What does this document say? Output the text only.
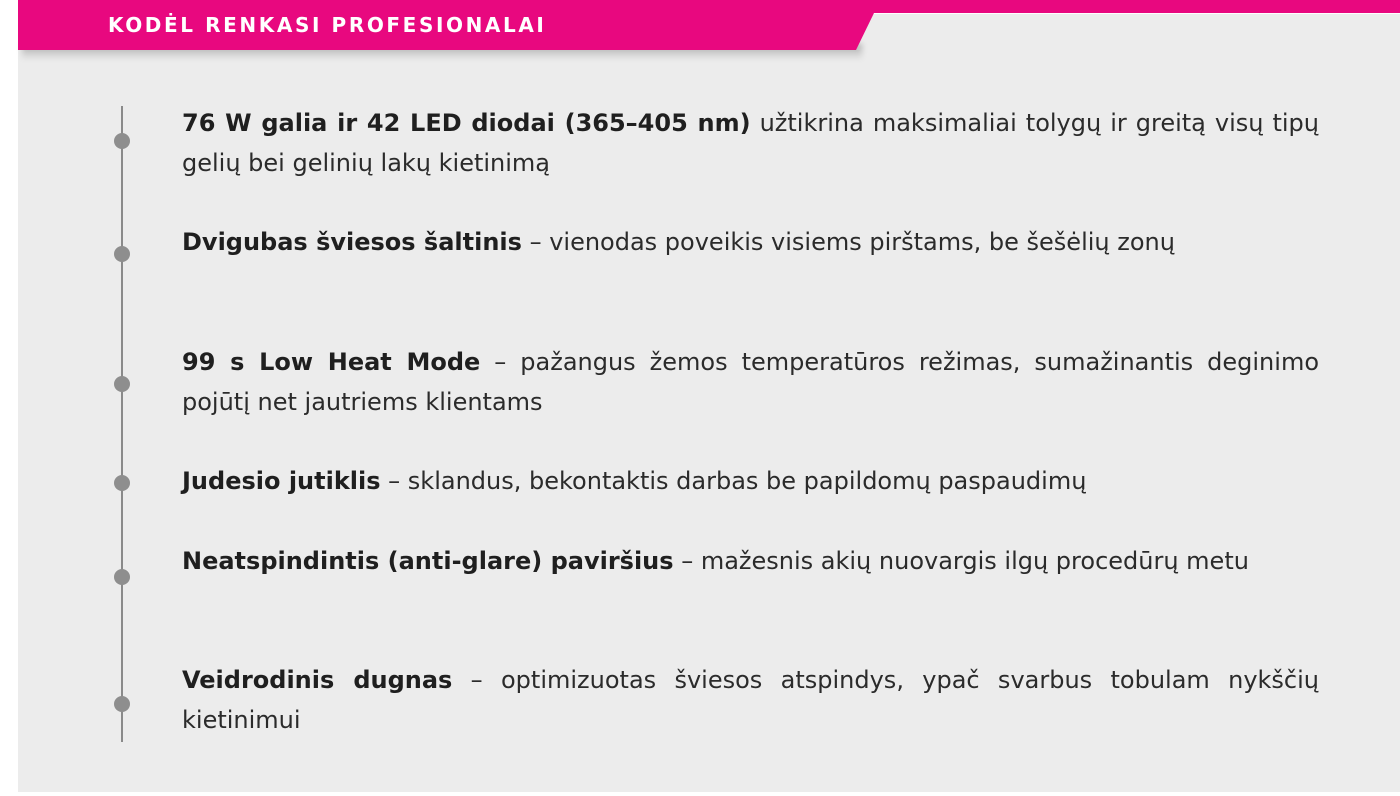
KODĖL RENKASI PROFESIONALAI

76 W galia ir 42 LED diodai (365–405 nm) užtikrina maksimaliai tolygų ir greitą visų tipų gelių bei gelinių lakų kietinimą

Dvigubas šviesos šaltinis – vienodas poveikis visiems pirštams, be šešėlių zonų

99 s Low Heat Mode – pažangus žemos temperatūros režimas, sumažinantis deginimo pojūtį net jautriems klientams

Judesio jutiklis – sklandus, bekontaktis darbas be papildomų paspaudimų

Neatspindintis (anti-glare) paviršius – mažesnis akių nuovargis ilgų procedūrų metu

Veidrodinis dugnas – optimizuotas šviesos atspindys, ypač svarbus tobulam nykščių kietinimui
